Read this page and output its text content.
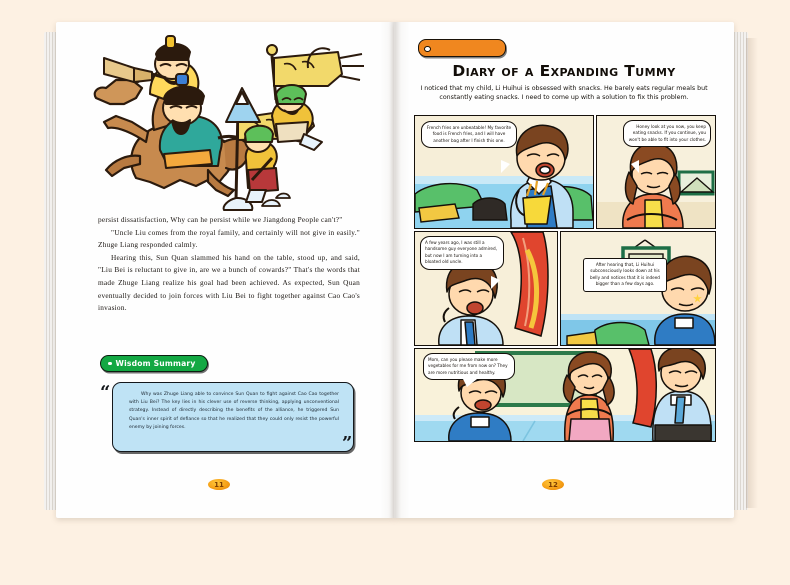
persist dissatisfaction, Why can he persist while we Jiangdong People can't?"

"Uncle Liu comes from the royal family, and certainly will not give in easily." Zhuge Liang responded calmly.

Hearing this, Sun Quan slammed his hand on the table, stood up, and said, "Liu Bei is reluctant to give in, are we a bunch of cowards?" That's the words that made Zhuge Liang realize his goal had been achieved. As expected, Sun Quan eventually decided to join forces with Liu Bei to fight together against Cao Cao's invasion.

Wisdom Summary
“	Why was Zhuge Liang able to convince Sun Quan to fight against Cao Cao together with Liu Bei? The key lies in his clever use of reverse thinking, applying unconventional strategy. Instead of directly describing the benefits of the alliance, he triggered Sun Quan's inner spirit of defiance so that he realized that they could only resist the powerful enemy by joining forces.
”
11
Diary of a Expanding Tummy
I noticed that my child, Li Huihui is obsessed with snacks. He barely eats regular meals but constantly eating snacks. I need to come up with a solution to fix this problem.
French fries are unbeatable! My favorite food is French fries, and I will have another bag after I finish this one.
Honey look at you now, you keep eating snacks. If you continue, you won't be able to fit into your clothes.
A few years ago, I was still a handsome guy everyone admired, but now I am turning into a bloated old uncle.
After hearing that, Li Huihui subconsciously looks down at his belly and notices that it is indeed bigger than a few days ago.
Mom, can you please make more vegetables for me from now on? They are more nutritious and healthy.
12
